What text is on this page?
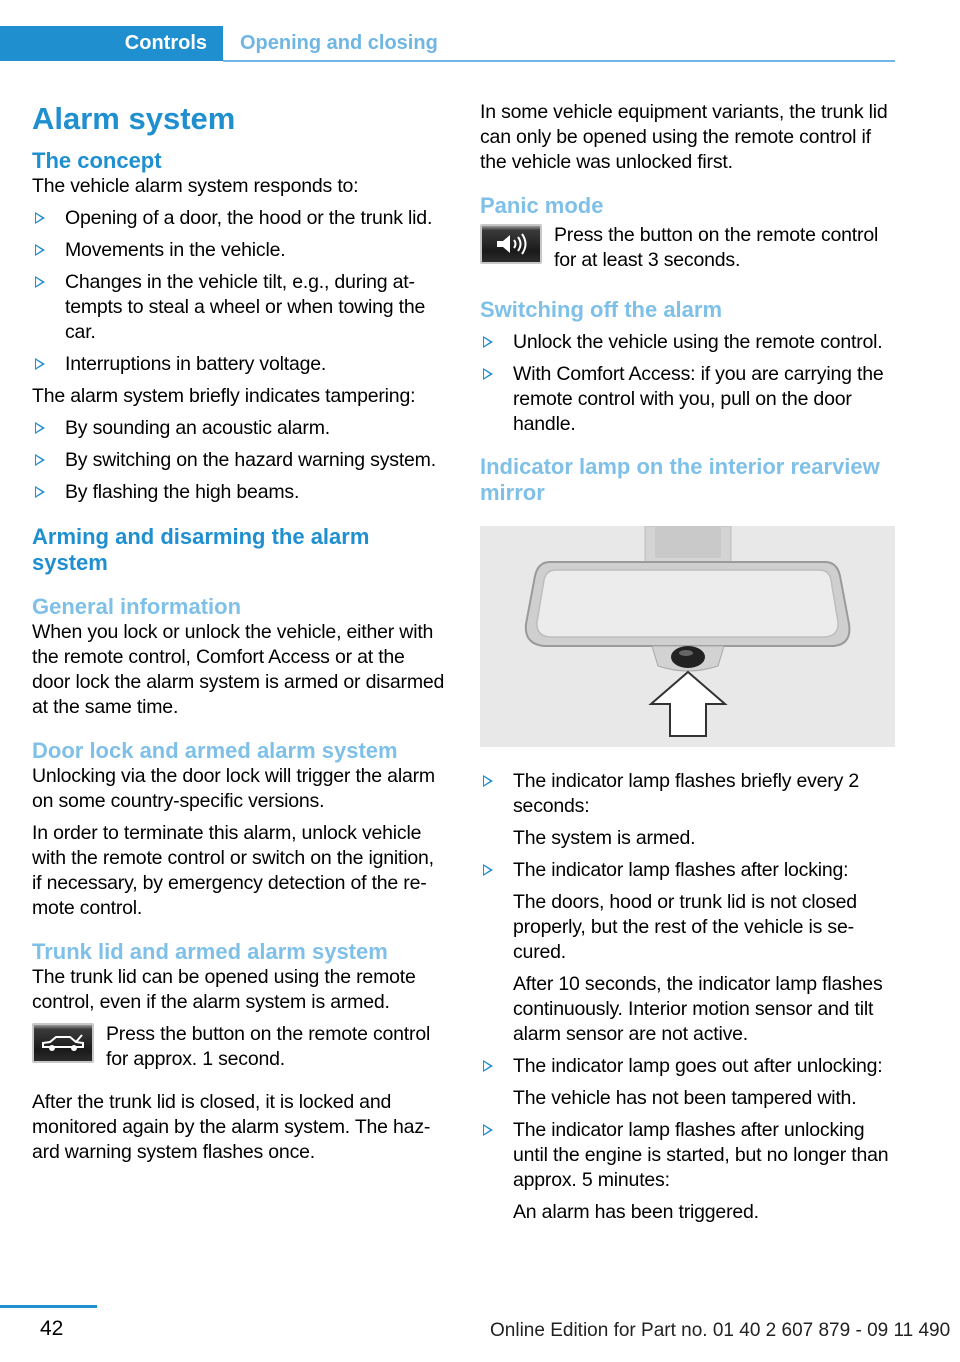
Controls	Opening and closing
Alarm system
The concept

The vehicle alarm system responds to:

Opening of a door, the hood or the trunk lid.
Movements in the vehicle.
Changes in the vehicle tilt, e.g., during attempts to steal a wheel or when towing the car.
Interruptions in battery voltage.

The alarm system briefly indicates tampering:

By sounding an acoustic alarm.
By switching on the hazard warning system.
By flashing the high beams.
Arming and disarming the alarm system
General information

When you lock or unlock the vehicle, either with the remote control, Comfort Access or at the door lock the alarm system is armed or disarmed at the same time.

Door lock and armed alarm system

Unlocking via the door lock will trigger the alarm on some country-specific versions.

In order to terminate this alarm, unlock vehicle with the remote control or switch on the ignition, if necessary, by emergency detection of the remote control.

Trunk lid and armed alarm system

The trunk lid can be opened using the remote control, even if the alarm system is armed.

Press the button on the remote control for approx. 1 second.

After the trunk lid is closed, it is locked and monitored again by the alarm system. The hazard warning system flashes once.

In some vehicle equipment variants, the trunk lid can only be opened using the remote control if the vehicle was unlocked first.

Panic mode

Press the button on the remote control for at least 3 seconds.

Switching off the alarm
Unlock the vehicle using the remote control.
With Comfort Access: if you are carrying the remote control with you, pull on the door handle.
Indicator lamp on the interior rearview mirror
The indicator lamp flashes briefly every 2 seconds:
The system is armed.
The indicator lamp flashes after locking:
The doors, hood or trunk lid is not closed properly, but the rest of the vehicle is secured.
After 10 seconds, the indicator lamp flashes continuously. Interior motion sensor and tilt alarm sensor are not active.
The indicator lamp goes out after unlocking:
The vehicle has not been tampered with.
The indicator lamp flashes after unlocking until the engine is started, but no longer than approx. 5 minutes:
An alarm has been triggered.
42	Online Edition for Part no. 01 40 2 607 879 - 09 11 490
